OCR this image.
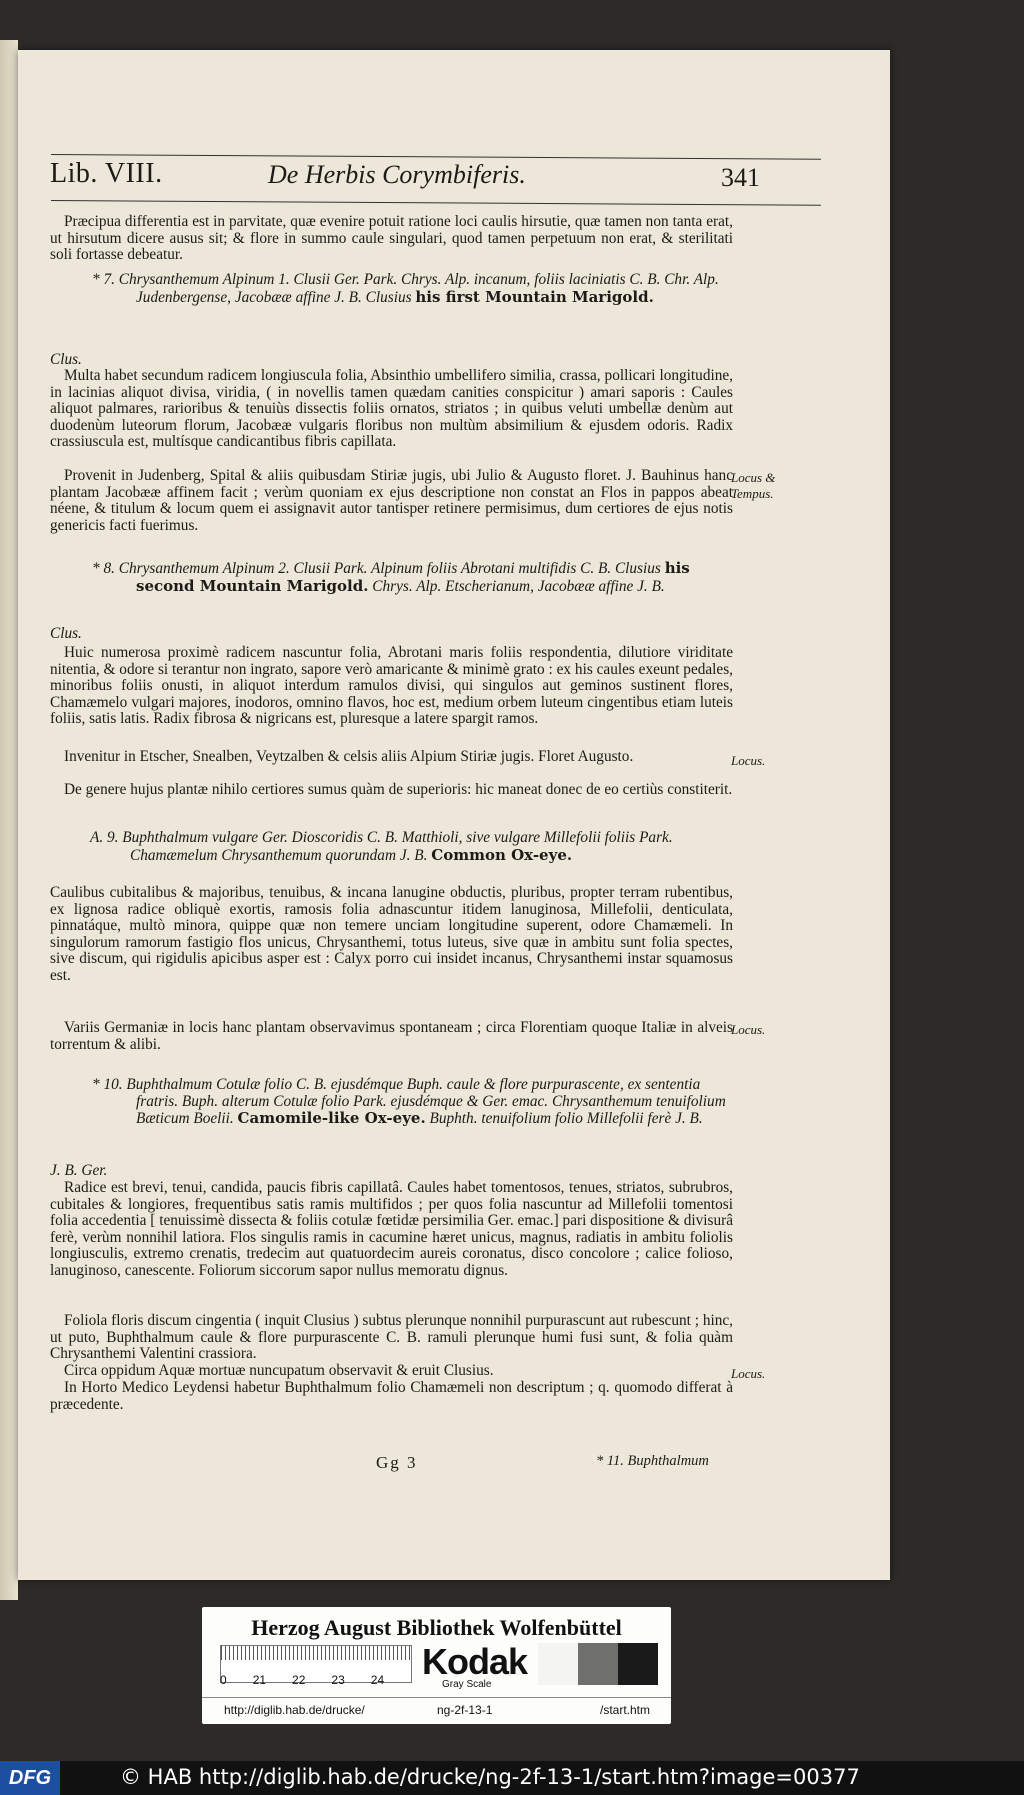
Lib. VIII.	De Herbis Corymbiferis.	341
Præcipua differentia est in parvitate, quæ evenire potuit ratione loci caulis hirsutie, quæ tamen non tanta erat, ut hirsutum dicere ausus sit; & flore in summo caule singulari, quod tamen perpetuum non erat, & sterilitati soli fortasse debeatur.
* 7. Chrysanthemum Alpinum 1. Clusii Ger. Park. Chrys. Alp. incanum, foliis laciniatis C. B. Chr. Alp. Judenbergense, Jacobææ affine J. B. Clusius his first Mountain Marigold.
Clus.
Multa habet secundum radicem longiuscula folia, Absinthio umbellifero similia, crassa, pollicari longitudine, in lacinias aliquot divisa, viridia, ( in novellis tamen quædam canities conspicitur ) amari saporis : Caules aliquot palmares, rarioribus & tenuiùs dissectis foliis ornatos, striatos ; in quibus veluti umbellæ denùm aut duodenùm luteorum florum, Jacobææ vulgaris floribus non multùm absimilium & ejusdem odoris. Radix crassiuscula est, multísque candicantibus fibris capillata.
Provenit in Judenberg, Spital & aliis quibusdam Stiriæ jugis, ubi Julio & Augusto floret. J. Bauhinus hanc plantam Jacobææ affinem facit ; verùm quoniam ex ejus descriptione non constat an Flos in pappos abeat néene, & titulum & locum quem ei assignavit autor tantisper retinere permisimus, dum certiores de ejus notis genericis facti fuerimus.
Locus & Tempus.
* 8. Chrysanthemum Alpinum 2. Clusii Park. Alpinum foliis Abrotani multifidis C. B. Clusius his second Mountain Marigold. Chrys. Alp. Etscherianum, Jacobææ affine J. B.
Clus.
Huic numerosa proximè radicem nascuntur folia, Abrotani maris foliis respondentia, dilutiore viriditate nitentia, & odore si terantur non ingrato, sapore verò amaricante & minimè grato : ex his caules exeunt pedales, minoribus foliis onusti, in aliquot interdum ramulos divisi, qui singulos aut geminos sustinent flores, Chamæmelo vulgari majores, inodoros, omnino flavos, hoc est, medium orbem luteum cingentibus etiam luteis foliis, satis latis. Radix fibrosa & nigricans est, pluresque a latere spargit ramos.
Invenitur in Etscher, Snealben, Veytzalben & celsis aliis Alpium Stiriæ jugis. Floret Augusto.	Locus.
De genere hujus plantæ nihilo certiores sumus quàm de superioris: hic maneat donec de eo certiùs constiterit.
A. 9. Buphthalmum vulgare Ger. Dioscoridis C. B. Matthioli, sive vulgare Millefolii foliis Park. Chamæmelum Chrysanthemum quorundam J. B. Common Ox-eye.
Caulibus cubitalibus & majoribus, tenuibus, & incana lanugine obductis, pluribus, propter terram rubentibus, ex lignosa radice obliquè exortis, ramosis folia adnascuntur itidem lanuginosa, Millefolii, denticulata, pinnatáque, multò minora, quippe quæ non temere unciam longitudine superent, odore Chamæmeli. In singulorum ramorum fastigio flos unicus, Chrysanthemi, totus luteus, sive quæ in ambitu sunt folia spectes, sive discum, qui rigidulis apicibus asper est : Calyx porro cui insidet incanus, Chrysanthemi instar squamosus est.
Variis Germaniæ in locis hanc plantam observavimus spontaneam ; circa Florentiam quoque Italiæ in alveis torrentum & alibi.
Locus.
* 10. Buphthalmum Cotulæ folio C. B. ejusdémque Buph. caule & flore purpurascente, ex sententia fratris. Buph. alterum Cotulæ folio Park. ejusdémque & Ger. emac. Chrysanthemum tenuifolium Bæticum Boelii. Camomile-like Ox-eye. Buphth. tenuifolium folio Millefolii ferè J. B.
J. B. Ger.
Radice est brevi, tenui, candida, paucis fibris capillatâ. Caules habet tomentosos, tenues, striatos, subrubros, cubitales & longiores, frequentibus satis ramis multifidos ; per quos folia nascuntur ad Millefolii tomentosi folia accedentia [ tenuissimè dissecta & foliis cotulæ fœtidæ persimilia Ger. emac.] pari dispositione & divisurâ ferè, verùm nonnihil latiora. Flos singulis ramis in cacumine hæret unicus, magnus, radiatis in ambitu foliolis longiusculis, extremo crenatis, tredecim aut quatuordecim aureis coronatus, disco concolore ; calice folioso, lanuginoso, canescente. Foliorum siccorum sapor nullus memoratu dignus.
Foliola floris discum cingentia ( inquit Clusius ) subtus plerunque nonnihil purpurascunt aut rubescunt ; hinc, ut puto, Buphthalmum caule & flore purpurascente C. B. ramuli plerunque humi fusi sunt, & folia quàm Chrysanthemi Valentini crassiora.
Circa oppidum Aquæ mortuæ nuncupatum observavit & eruit Clusius.	Locus.
In Horto Medico Leydensi habetur Buphthalmum folio Chamæmeli non descriptum ; q. quomodo differat à præcedente.
Gg 3	* 11. Buphthalmum
Herzog August Bibliothek Wolfenbüttel
0 21 22 23 24	Kodak
Gray Scale
http://diglib.hab.de/drucke/	ng-2f-13-1	/start.htm
DFG	© HAB http://diglib.hab.de/drucke/ng-2f-13-1/start.htm?image=00377
